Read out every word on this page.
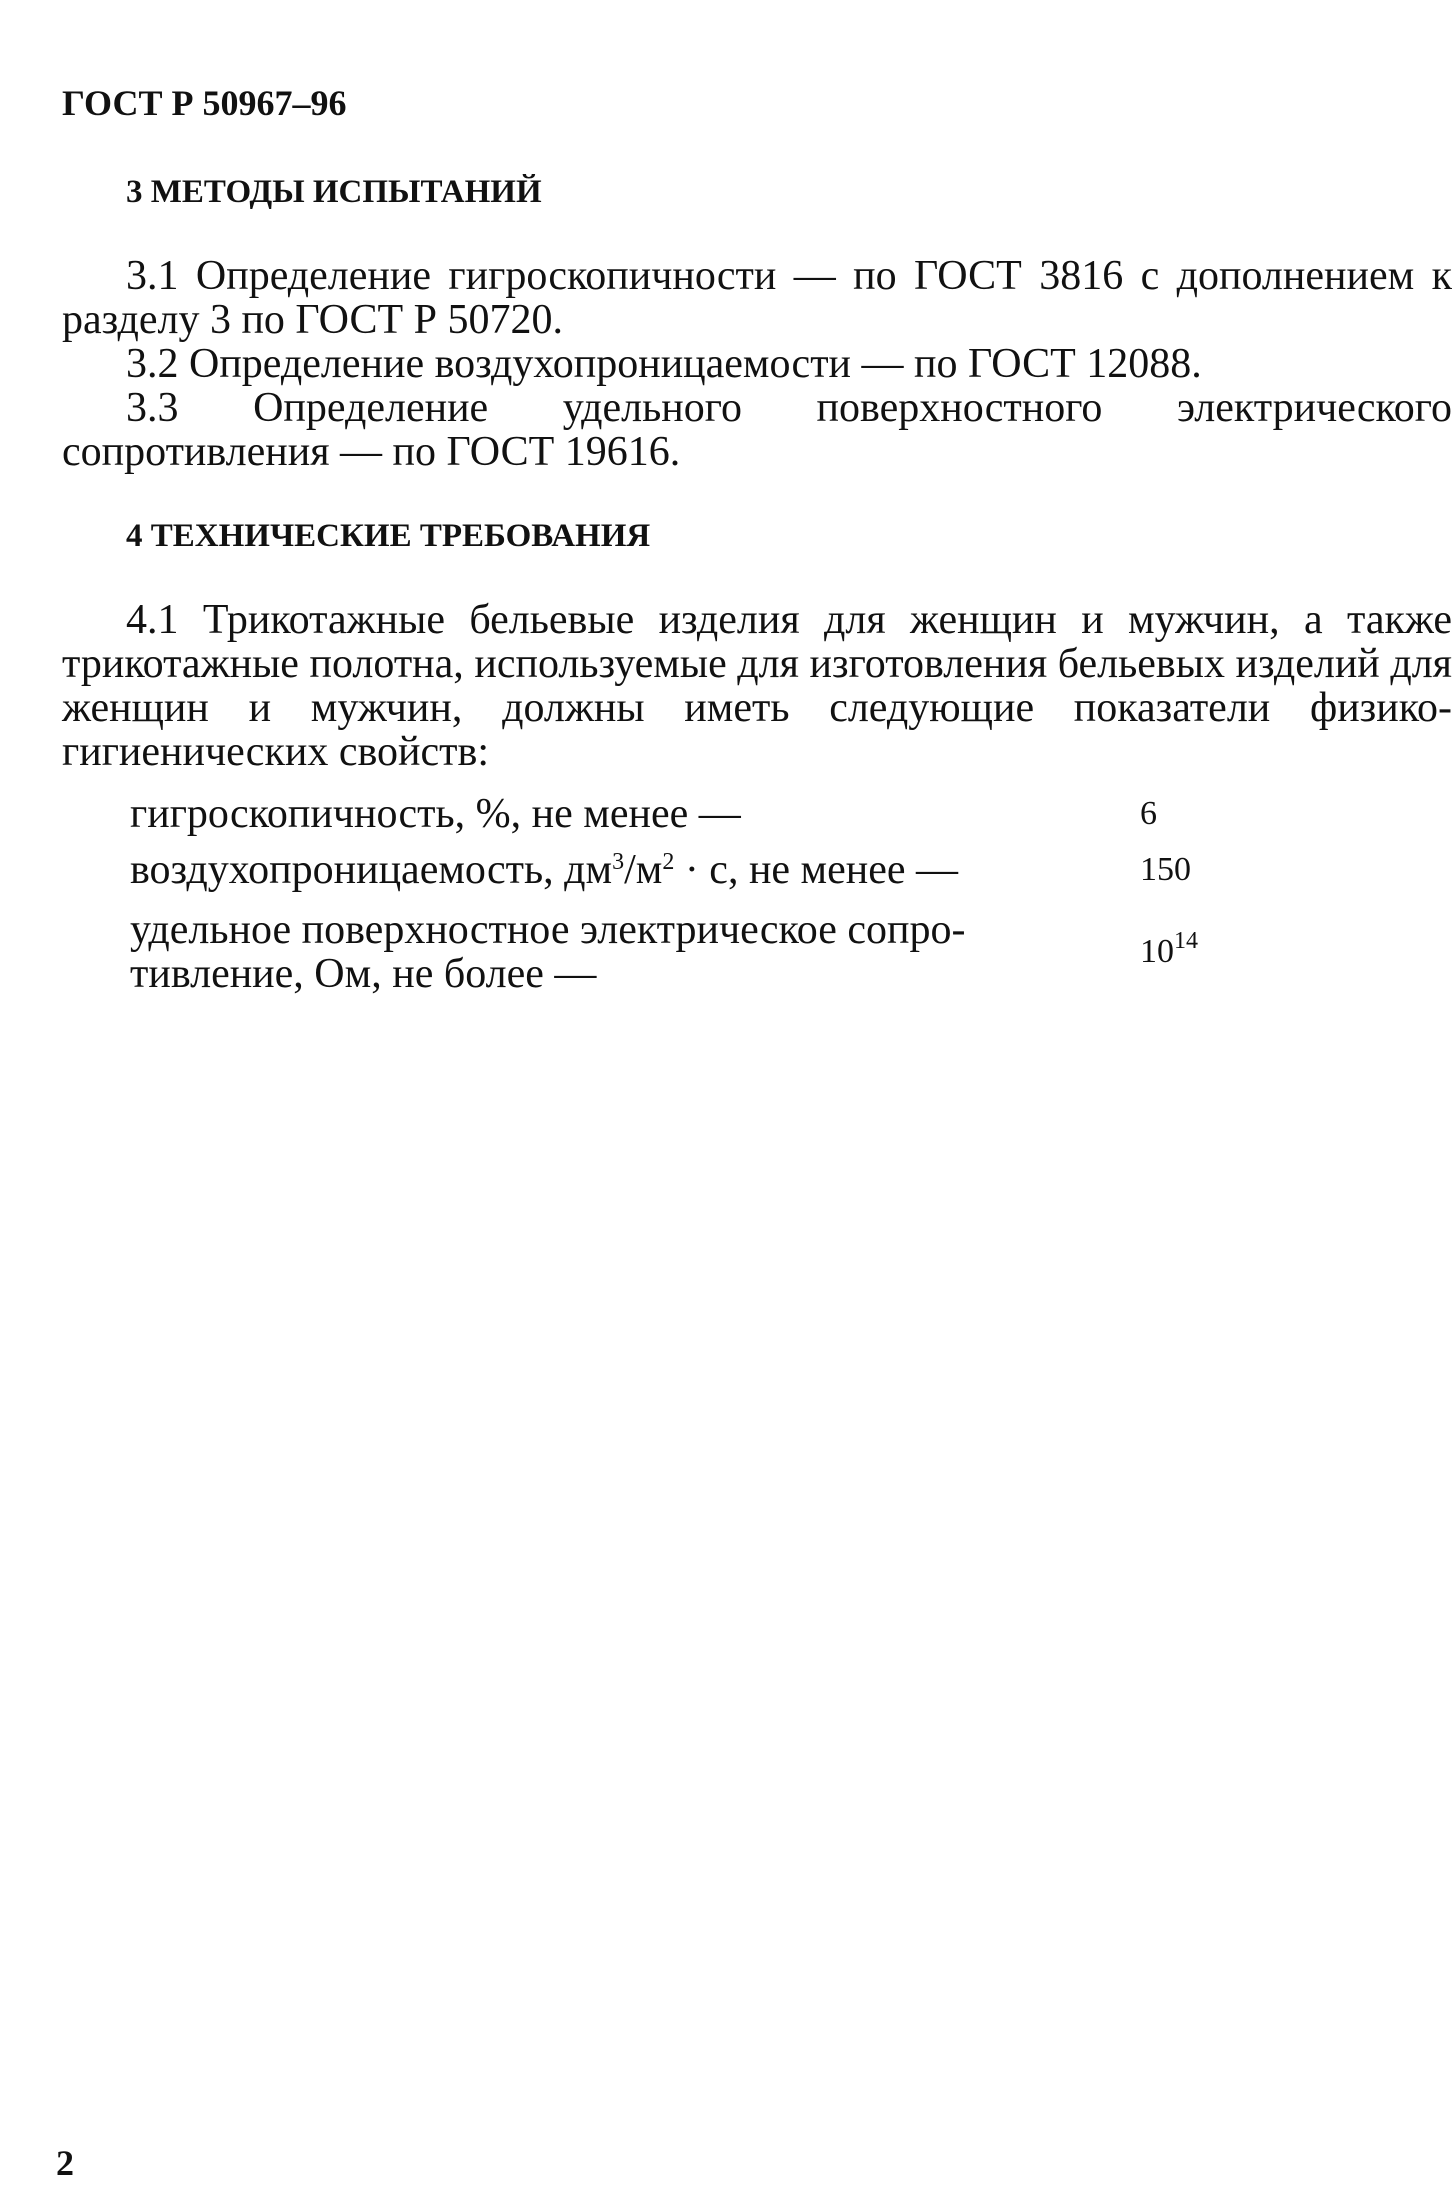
ГОСТ Р 50967–96
3 МЕТОДЫ ИСПЫТАНИЙ

3.1 Определение гигроскопичности — по ГОСТ 3816 с дополнением к разделу 3 по ГОСТ Р 50720.

3.2 Определение воздухопроницаемости — по ГОСТ 12088.

3.3 Определение удельного поверхностного электрического сопротивления — по ГОСТ 19616.

4 ТЕХНИЧЕСКИЕ ТРЕБОВАНИЯ

4.1 Трикотажные бельевые изделия для женщин и мужчин, а также трикотажные полотна, используемые для изготовления бельевых изделий для женщин и мужчин, должны иметь следующие показатели физико-гигиенических свойств:

гигроскопичность, %, не менее —	6
воздухопроницаемость, $дм^3/м^2 \cdot с$, не менее —	150
удельное поверхностное электрическое сопро-
тивление, Ом, не более —	$10^{14}$
2
